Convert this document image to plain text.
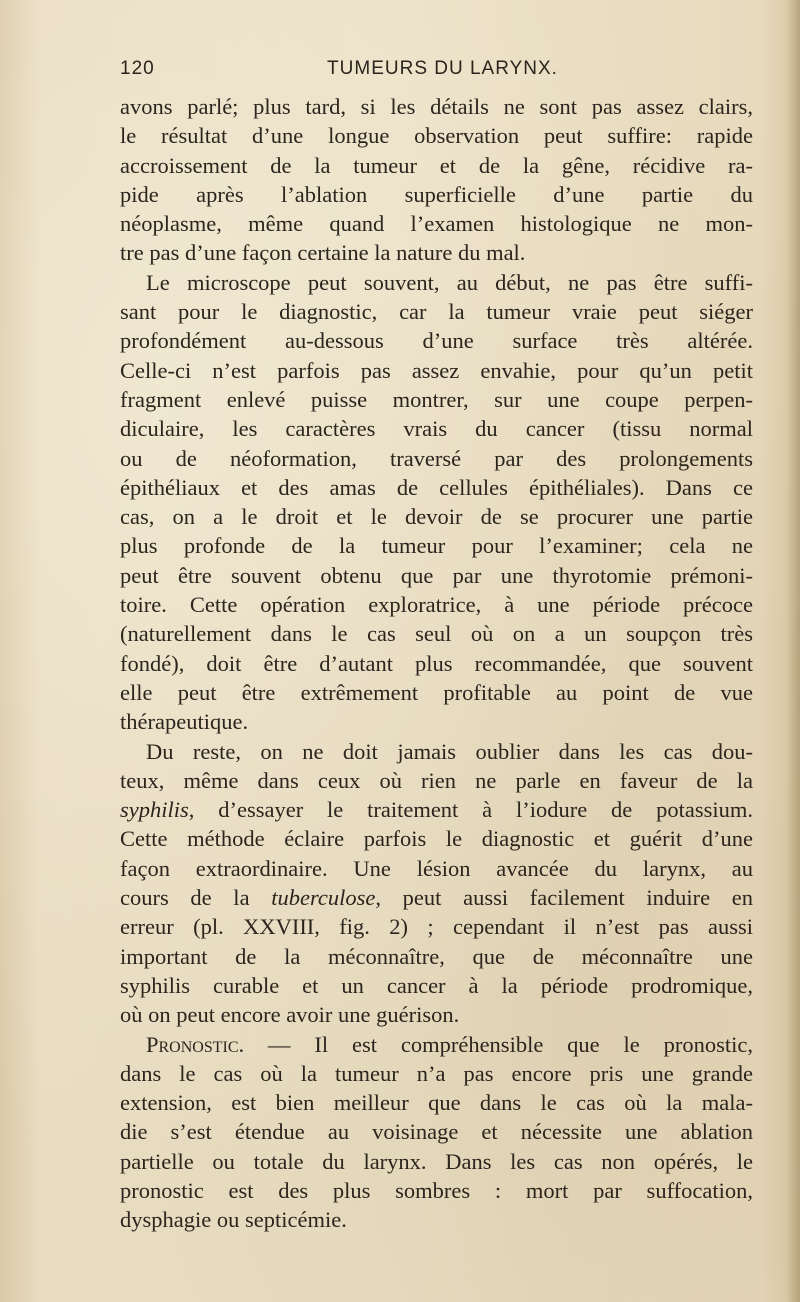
120	TUMEURS DU LARYNX.
avons parlé; plus tard, si les détails ne sont pas assez clairs,
le résultat d’une longue observation peut suffire: rapide
accroissement de la tumeur et de la gêne, récidive ra-
pide après l’ablation superficielle d’une partie du
néoplasme, même quand l’examen histologique ne mon-
tre pas d’une façon certaine la nature du mal.
Le microscope peut souvent, au début, ne pas être suffi-
sant pour le diagnostic, car la tumeur vraie peut siéger
profondément au-dessous d’une surface très altérée.
Celle-ci n’est parfois pas assez envahie, pour qu’un petit
fragment enlevé puisse montrer, sur une coupe perpen-
diculaire, les caractères vrais du cancer (tissu normal
ou de néoformation, traversé par des prolongements
épithéliaux et des amas de cellules épithéliales). Dans ce
cas, on a le droit et le devoir de se procurer une partie
plus profonde de la tumeur pour l’examiner; cela ne
peut être souvent obtenu que par une thyrotomie prémoni-
toire. Cette opération exploratrice, à une période précoce
(naturellement dans le cas seul où on a un soupçon très
fondé), doit être d’autant plus recommandée, que souvent
elle peut être extrêmement profitable au point de vue
thérapeutique.
Du reste, on ne doit jamais oublier dans les cas dou-
teux, même dans ceux où rien ne parle en faveur de la
syphilis, d’essayer le traitement à l’iodure de potassium.
Cette méthode éclaire parfois le diagnostic et guérit d’une
façon extraordinaire. Une lésion avancée du larynx, au
cours de la tuberculose, peut aussi facilement induire en
erreur (pl. XXVIII, fig. 2) ; cependant il n’est pas aussi
important de la méconnaître, que de méconnaître une
syphilis curable et un cancer à la période prodromique,
où on peut encore avoir une guérison.
Pronostic. — Il est compréhensible que le pronostic,
dans le cas où la tumeur n’a pas encore pris une grande
extension, est bien meilleur que dans le cas où la mala-
die s’est étendue au voisinage et nécessite une ablation
partielle ou totale du larynx. Dans les cas non opérés, le
pronostic est des plus sombres : mort par suffocation,
dysphagie ou septicémie.
